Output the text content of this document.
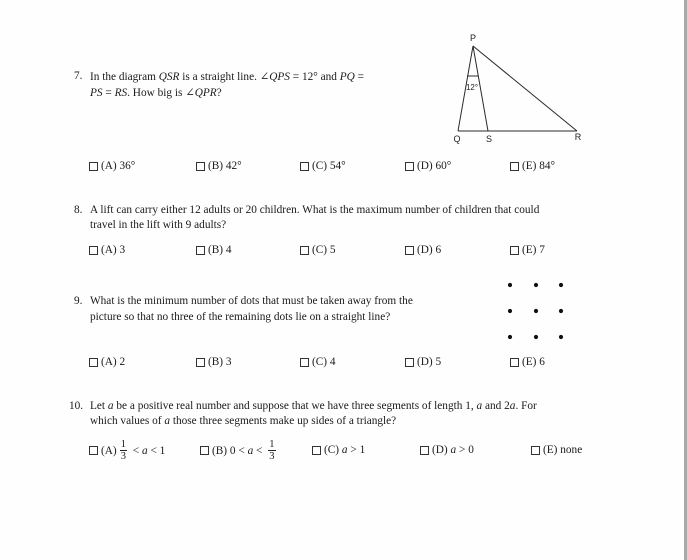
7. In the diagram QSR is a straight line. ∠QPS = 12° and PQ =
PS = RS. How big is ∠QPR?
P
Q	S	R
12°
(A) 36°	(B) 42°	(C) 54°	(D) 60°	(E) 84°
8. A lift can carry either 12 adults or 20 children. What is the maximum number of children that could
travel in the lift with 9 adults?
(A) 3	(B) 4	(C) 5	(D) 6	(E) 7
9. What is the minimum number of dots that must be taken away from the
picture so that no three of the remaining dots lie on a straight line?
(A) 2	(B) 3	(C) 4	(D) 5	(E) 6
10. Let a be a positive real number and suppose that we have three segments of length 1, a and 2a. For
which values of a those three segments make up sides of a triangle?
$(A) \frac{1}{3} < a < 1$	(B) $0 < a < \frac{1}{3}$	(C) a > 1	(D) a > 0	(E) none
